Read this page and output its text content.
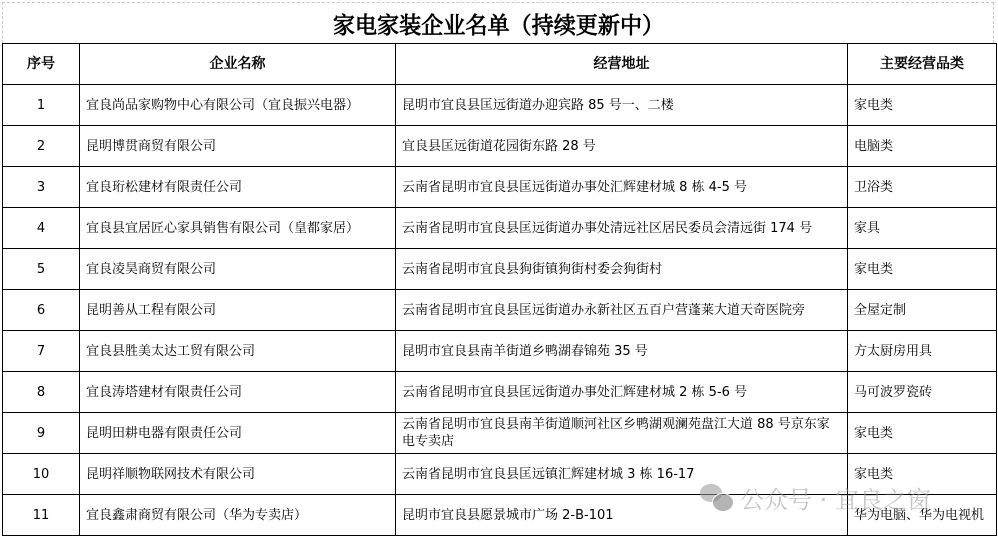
家电家装企业名单（持续更新中）
序号	企业名称	经营地址	主要经营品类
1	宜良尚品家购物中心有限公司（宜良振兴电器）	昆明市宜良县匡远街道办迎宾路 85 号一、二楼	家电类
2	昆明博贯商贸有限公司	宜良县匡远街道花园街东路 28 号	电脑类
3	宜良珩松建材有限责任公司	云南省昆明市宜良县匡远街道办事处汇辉建材城 8 栋 4-5 号	卫浴类
4	宜良县宜居匠心家具销售有限公司（皇都家居）	云南省昆明市宜良县匡远街道办事处清远社区居民委员会清远街 174 号	家具
5	宜良凌昊商贸有限公司	云南省昆明市宜良县狗街镇狗街村委会狗街村	家电类
6	昆明善从工程有限公司	云南省昆明市宜良县匡远街道办永新社区五百户营蓬莱大道天奇医院旁	全屋定制
7	宜良县胜美太达工贸有限公司	昆明市宜良县南羊街道乡鸭湖春锦苑 35 号	方太厨房用具
8	宜良涛塔建材有限责任公司	云南省昆明市宜良县匡远街道办事处汇辉建材城 2 栋 5-6 号	马可波罗瓷砖
9	昆明田耕电器有限责任公司	云南省昆明市宜良县南羊街道顺河社区乡鸭湖观澜苑盘江大道 88 号京东家电专卖店	家电类
10	昆明祥顺物联网技术有限公司	云南省昆明市宜良县匡远镇汇辉建材城 3 栋 16-17	家电类
11	宜良鑫肃商贸有限公司（华为专卖店）	昆明市宜良县愿景城市广场 2-B-101	华为电脑、华为电视机
公众号 · 宜良之窗
